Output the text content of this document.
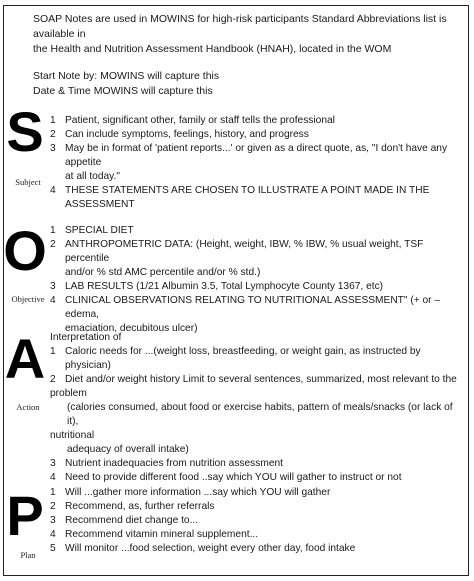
SOAP Notes are used in MOWINS for high-risk participants Standard Abbreviations list is available in

the Health and Nutrition Assessment Handbook (HNAH), located in the WOM

Start Note by: MOWINS will capture this

Date & Time MOWINS will capture this

S
Subject
1 Patient, significant other, family or staff tells the professional
2 Can include symptoms, feelings, history, and progress
3 May be in format of 'patient reports...' or given as a direct quote, as, "I don't have any appetite
at all today."
4 THESE STATEMENTS ARE CHOSEN TO ILLUSTRATE A POINT MADE IN THE
ASSESSMENT
O
Objective
1 SPECIAL DIET
2 ANTHROPOMETRIC DATA: (Height, weight, IBW, % IBW, % usual weight, TSF percentile
and/or % std AMC percentile and/or % std.)
3 LAB RESULTS (1/21 Albumin 3.5, Total Lymphocyte County 1367, etc)
4 CLINICAL OBSERVATIONS RELATING TO NUTRITIONAL ASSESSMENT" (+ or – edema,
emaciation, decubitous ulcer)
A
Action
Interpretation of
1 Caloric needs for ...(weight loss, breastfeeding, or weight gain, as instructed by physician)
2 Diet and/or weight history Limit to several sentences, summarized, most relevant to the
problem
(calories consumed, about food or exercise habits, pattern of meals/snacks (or lack of it),
nutritional
adequacy of overall intake)
3 Nutrient inadequacies from nutrition assessment
4 Need to provide different food ..say which YOU will gather to instruct or not
P
Plan
1 Will ...gather more information ...say which YOU will gather
2 Recommend, as, further referrals
3 Recommend diet change to...
4 Recommend vitamin mineral supplement...
5 Will monitor ...food selection, weight every other day, food intake
